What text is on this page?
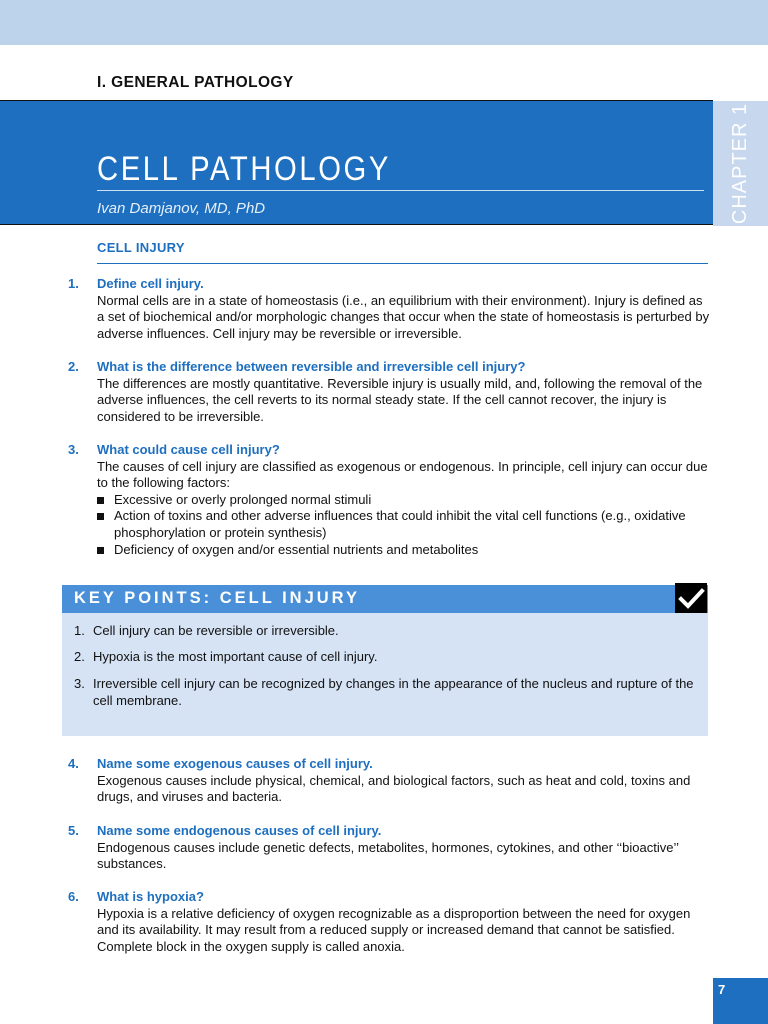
I. GENERAL PATHOLOGY
CELL PATHOLOGY
Ivan Damjanov, MD, PhD	CHAPTER 1
CELL INJURY
1.	Define cell injury.
Normal cells are in a state of homeostasis (i.e., an equilibrium with their environment). Injury is defined as a set of biochemical and/or morphologic changes that occur when the state of homeostasis is perturbed by adverse influences. Cell injury may be reversible or irreversible.
2.	What is the difference between reversible and irreversible cell injury?
The differences are mostly quantitative. Reversible injury is usually mild, and, following the removal of the adverse influences, the cell reverts to its normal steady state. If the cell cannot recover, the injury is considered to be irreversible.
3.	What could cause cell injury?
The causes of cell injury are classified as exogenous or endogenous. In principle, cell injury can occur due to the following factors:
Excessive or overly prolonged normal stimuli
Action of toxins and other adverse influences that could inhibit the vital cell functions (e.g., oxidative phosphorylation or protein synthesis)
Deficiency of oxygen and/or essential nutrients and metabolites
KEY POINTS: CELL INJURY
1. Cell injury can be reversible or irreversible.
2. Hypoxia is the most important cause of cell injury.
3. Irreversible cell injury can be recognized by changes in the appearance of the nucleus and rupture of the cell membrane.
4.	Name some exogenous causes of cell injury.
Exogenous causes include physical, chemical, and biological factors, such as heat and cold, toxins and drugs, and viruses and bacteria.
5.	Name some endogenous causes of cell injury.
Endogenous causes include genetic defects, metabolites, hormones, cytokines, and other ‘‘bioactive’’ substances.
6.	What is hypoxia?
Hypoxia is a relative deficiency of oxygen recognizable as a disproportion between the need for oxygen and its availability. It may result from a reduced supply or increased demand that cannot be satisfied. Complete block in the oxygen supply is called anoxia.
7
